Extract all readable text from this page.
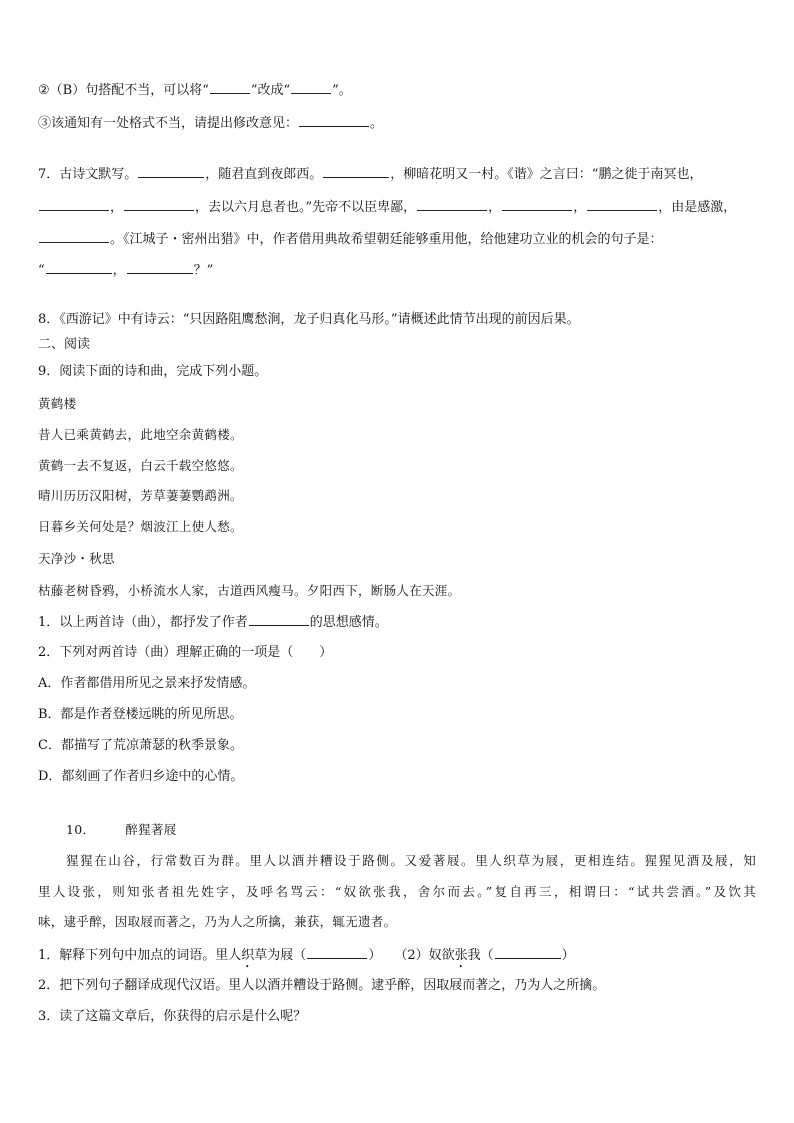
②（B）句搭配不当，可以将“	”改成“	”。
③该通知有一处格式不当，请提出修改意见：	。
7．古诗文默写。	，随君直到夜郎西。	，柳暗花明又一村。《谐》之言曰：“鹏之徙于南冥也，
，	，去以六月息者也。”先帝不以臣卑鄙，	，	，	，由是感激，
。《江城子・密州出猎》中，作者借用典故希望朝廷能够重用他，给他建功立业的机会的句子是：
“	，	？”
8．《西游记》中有诗云：“只因路阻鹰愁涧，龙子归真化马形。”请概述此情节出现的前因后果。
二、阅读
9．阅读下面的诗和曲，完成下列小题。
黄鹤楼
昔人已乘黄鹤去，此地空余黄鹤楼。
黄鹤一去不复返，白云千载空悠悠。
晴川历历汉阳树，芳草萋萋鹦鹉洲。
日暮乡关何处是？烟波江上使人愁。
天净沙・秋思
枯藤老树昏鸦，小桥流水人家，古道西风瘦马。夕阳西下，断肠人在天涯。
1．以上两首诗（曲），都抒发了作者	的思想感情。
2．下列对两首诗（曲）理解正确的一项是（　　）
A．作者都借用所见之景来抒发情感。
B．都是作者登楼远眺的所见所思。
C．都描写了荒凉萧瑟的秋季景象。
D．都刻画了作者归乡途中的心情。
10． 醉猩著屐
猩猩在山谷，行常数百为群。里人以酒并糟设于路侧。又爱著屐。里人织草为屐，更相连结。猩猩见酒及屐，知
里人设张，则知张者祖先姓字，及呼名骂云：“奴欲张我，舍尔而去。”复自再三，相谓曰：“试共尝酒。”及饮其
味，逮乎醉，因取屐而著之，乃为人之所擒，兼获，辄无遗者。
1．解释下列句中加点的词语。里人织草为屐（	）　　（2）奴欲张我（	）
2．把下列句子翻译成现代汉语。里人以酒并糟设于路侧。逮乎醉，因取屐而著之，乃为人之所擒。
3．读了这篇文章后，你获得的启示是什么呢？
